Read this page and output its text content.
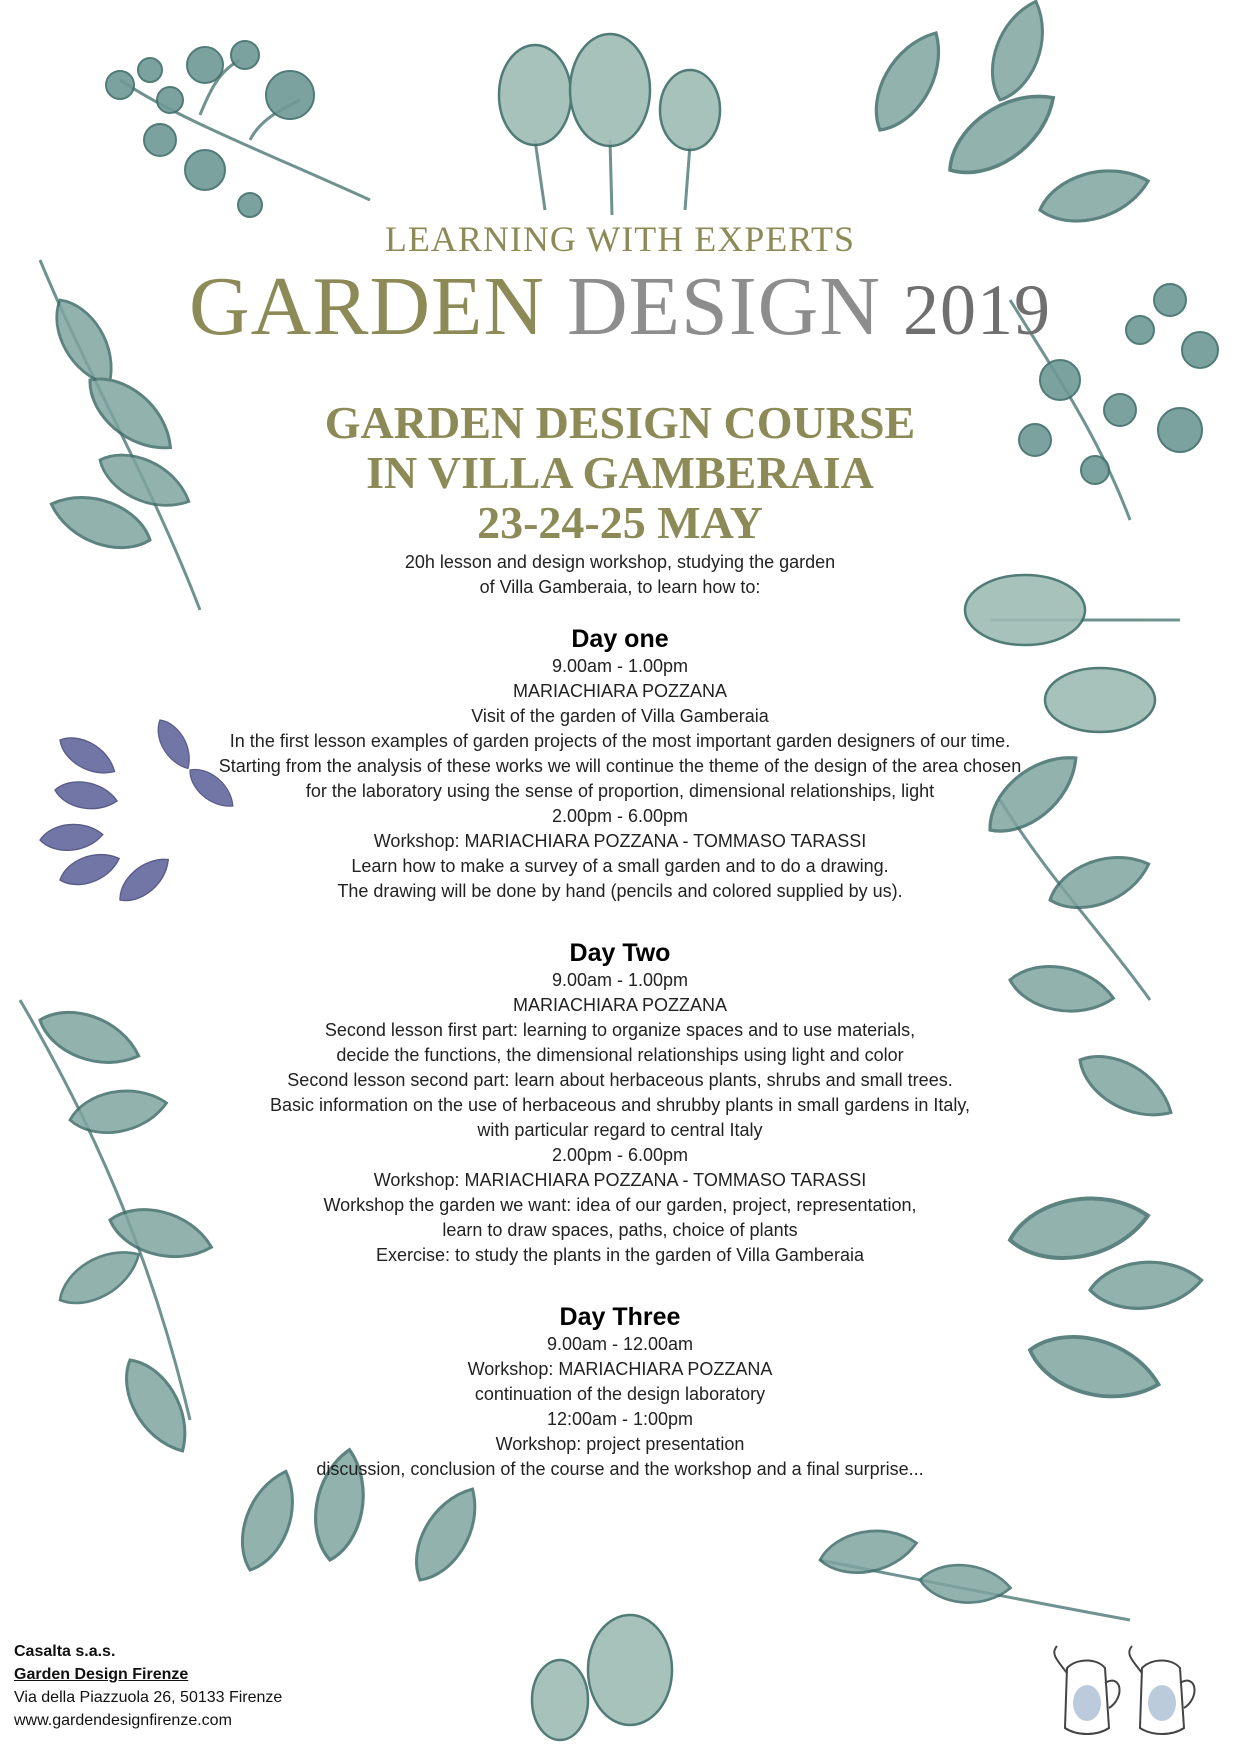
LEARNING WITH EXPERTS
GARDEN DESIGN 2019
GARDEN DESIGN COURSE
IN VILLA GAMBERAIA
23-24-25 MAY

20h lesson and design workshop, studying the garden

of Villa Gamberaia, to learn how to:

Day one

9.00am - 1.00pm

MARIACHIARA POZZANA

Visit of the garden of Villa Gamberaia

In the first lesson examples of garden projects of the most important garden designers of our time.

Starting from the analysis of these works we will continue the theme of the design of the area chosen

for the laboratory using the sense of proportion, dimensional relationships, light

2.00pm - 6.00pm

Workshop: MARIACHIARA POZZANA - TOMMASO TARASSI

Learn how to make a survey of a small garden and to do a drawing.

The drawing will be done by hand (pencils and colored supplied by us).

Day Two

9.00am - 1.00pm

MARIACHIARA POZZANA

Second lesson first part: learning to organize spaces and to use materials,

decide the functions, the dimensional relationships using light and color

Second lesson second part: learn about herbaceous plants, shrubs and small trees.

Basic information on the use of herbaceous and shrubby plants in small gardens in Italy,

with particular regard to central Italy

2.00pm - 6.00pm

Workshop: MARIACHIARA POZZANA - TOMMASO TARASSI

Workshop the garden we want: idea of our garden, project, representation,

learn to draw spaces, paths, choice of plants

Exercise: to study the plants in the garden of Villa Gamberaia

Day Three

9.00am - 12.00am

Workshop: MARIACHIARA POZZANA

continuation of the design laboratory

12:00am - 1:00pm

Workshop: project presentation

discussion, conclusion of the course and the workshop and a final surprise...

Casalta s.a.s.
Garden Design Firenze
Via della Piazzuola 26, 50133 Firenze
www.gardendesignfirenze.com
